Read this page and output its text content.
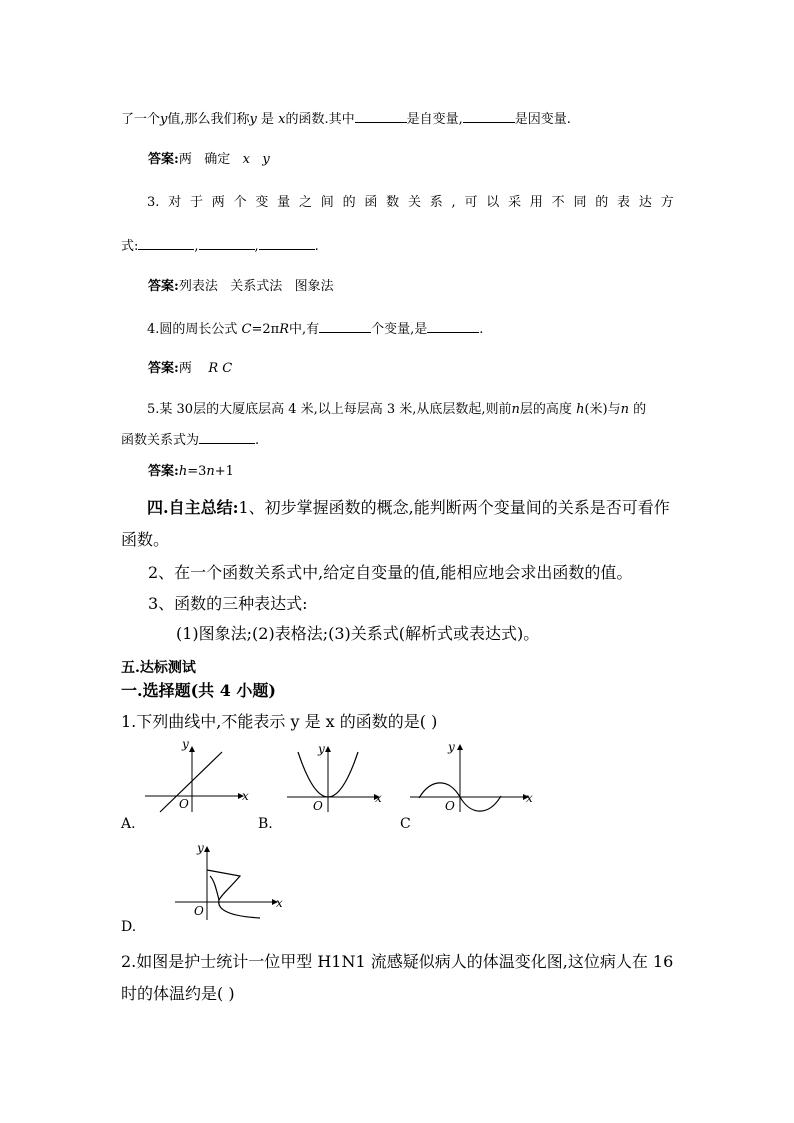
了一个y值,那么我们称y 是 x的函数.其中	是自变量,	是因变量.
答案:两 确定 x y
3. 对 于 两 个 变 量 之 间 的 函 数 关 系 , 可 以 采 用 不 同 的 表 达 方
式:	,	,	.
答案:列表法   关系式法   图象法
4.圆的周长公式 C=2πR中,有	个变量,是	.
答案:两 R C
5.某 30层的大厦底层高 4 米,以上每层高 3 米,从底层数起,则前n层的高度 h(米)与n 的
函数关系式为	.
答案:h=3n+1
四.自主总结:1、初步掌握函数的概念,能判断两个变量间的关系是否可看作
函数。
2、在一个函数关系式中,给定自变量的值,能相应地会求出函数的值。
3、函数的三种表达式:
(1)图象法;(2)表格法;(3)关系式(解析式或表达式)。
五.达标测试
一.选择题(共 4 小题)
1.下列曲线中,不能表示 y 是 x 的函数的是( )
y
x
O
A.
y
x
O
B.
y
x
O
C
y
x
O
D.
2.如图是护士统计一位甲型 H1N1 流感疑似病人的体温变化图,这位病人在 16
时的体温约是( )
